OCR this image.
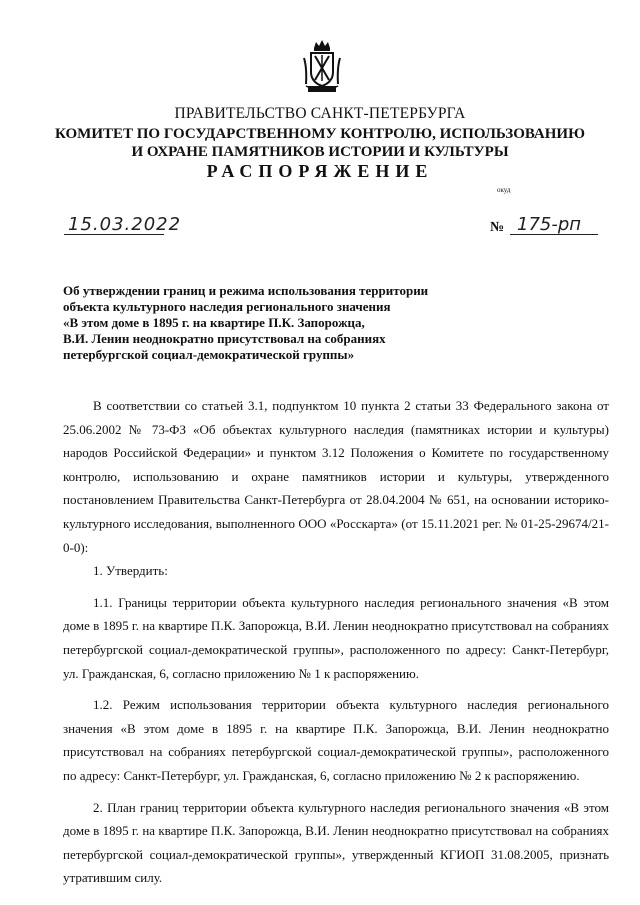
ПРАВИТЕЛЬСТВО САНКТ-ПЕТЕРБУРГА
КОМИТЕТ ПО ГОСУДАРСТВЕННОМУ КОНТРОЛЮ, ИСПОЛЬЗОВАНИЮ
И ОХРАНЕ ПАМЯТНИКОВ ИСТОРИИ И КУЛЬТУРЫ
РАСПОРЯЖЕНИЕ
окуд
15.03.2022	№ 175-рп
Об утверждении границ и режима использования территории
объекта культурного наследия регионального значения
«В этом доме в 1895 г. на квартире П.К. Запорожца,
В.И. Ленин неоднократно присутствовал на собраниях
петербургской социал-демократической группы»

В соответствии со статьей 3.1, подпунктом 10 пункта 2 статьи 33 Федерального закона от 25.06.2002 № 73-ФЗ «Об объектах культурного наследия (памятниках истории и культуры) народов Российской Федерации» и пунктом 3.12 Положения о Комитете по государственному контролю, использованию и охране памятников истории и культуры, утвержденного постановлением Правительства Санкт-Петербурга от 28.04.2004 № 651, на основании историко-культурного исследования, выполненного ООО «Росскарта» (от 15.11.2021 рег. № 01-25-29674/21-0-0):

1. Утвердить:

1.1. Границы территории объекта культурного наследия регионального значения «В этом доме в 1895 г. на квартире П.К. Запорожца, В.И. Ленин неоднократно присутствовал на собраниях петербургской социал-демократической группы», расположенного по адресу: Санкт-Петербург, ул. Гражданская, 6, согласно приложению № 1 к распоряжению.

1.2. Режим использования территории объекта культурного наследия регионального значения «В этом доме в 1895 г. на квартире П.К. Запорожца, В.И. Ленин неоднократно присутствовал на собраниях петербургской социал-демократической группы», расположенного по адресу: Санкт-Петербург, ул. Гражданская, 6, согласно приложению № 2 к распоряжению.

2. План границ территории объекта культурного наследия регионального значения «В этом доме в 1895 г. на квартире П.К. Запорожца, В.И. Ленин неоднократно присутствовал на собраниях петербургской социал-демократической группы», утвержденный КГИОП 31.08.2005, признать утратившим силу.
